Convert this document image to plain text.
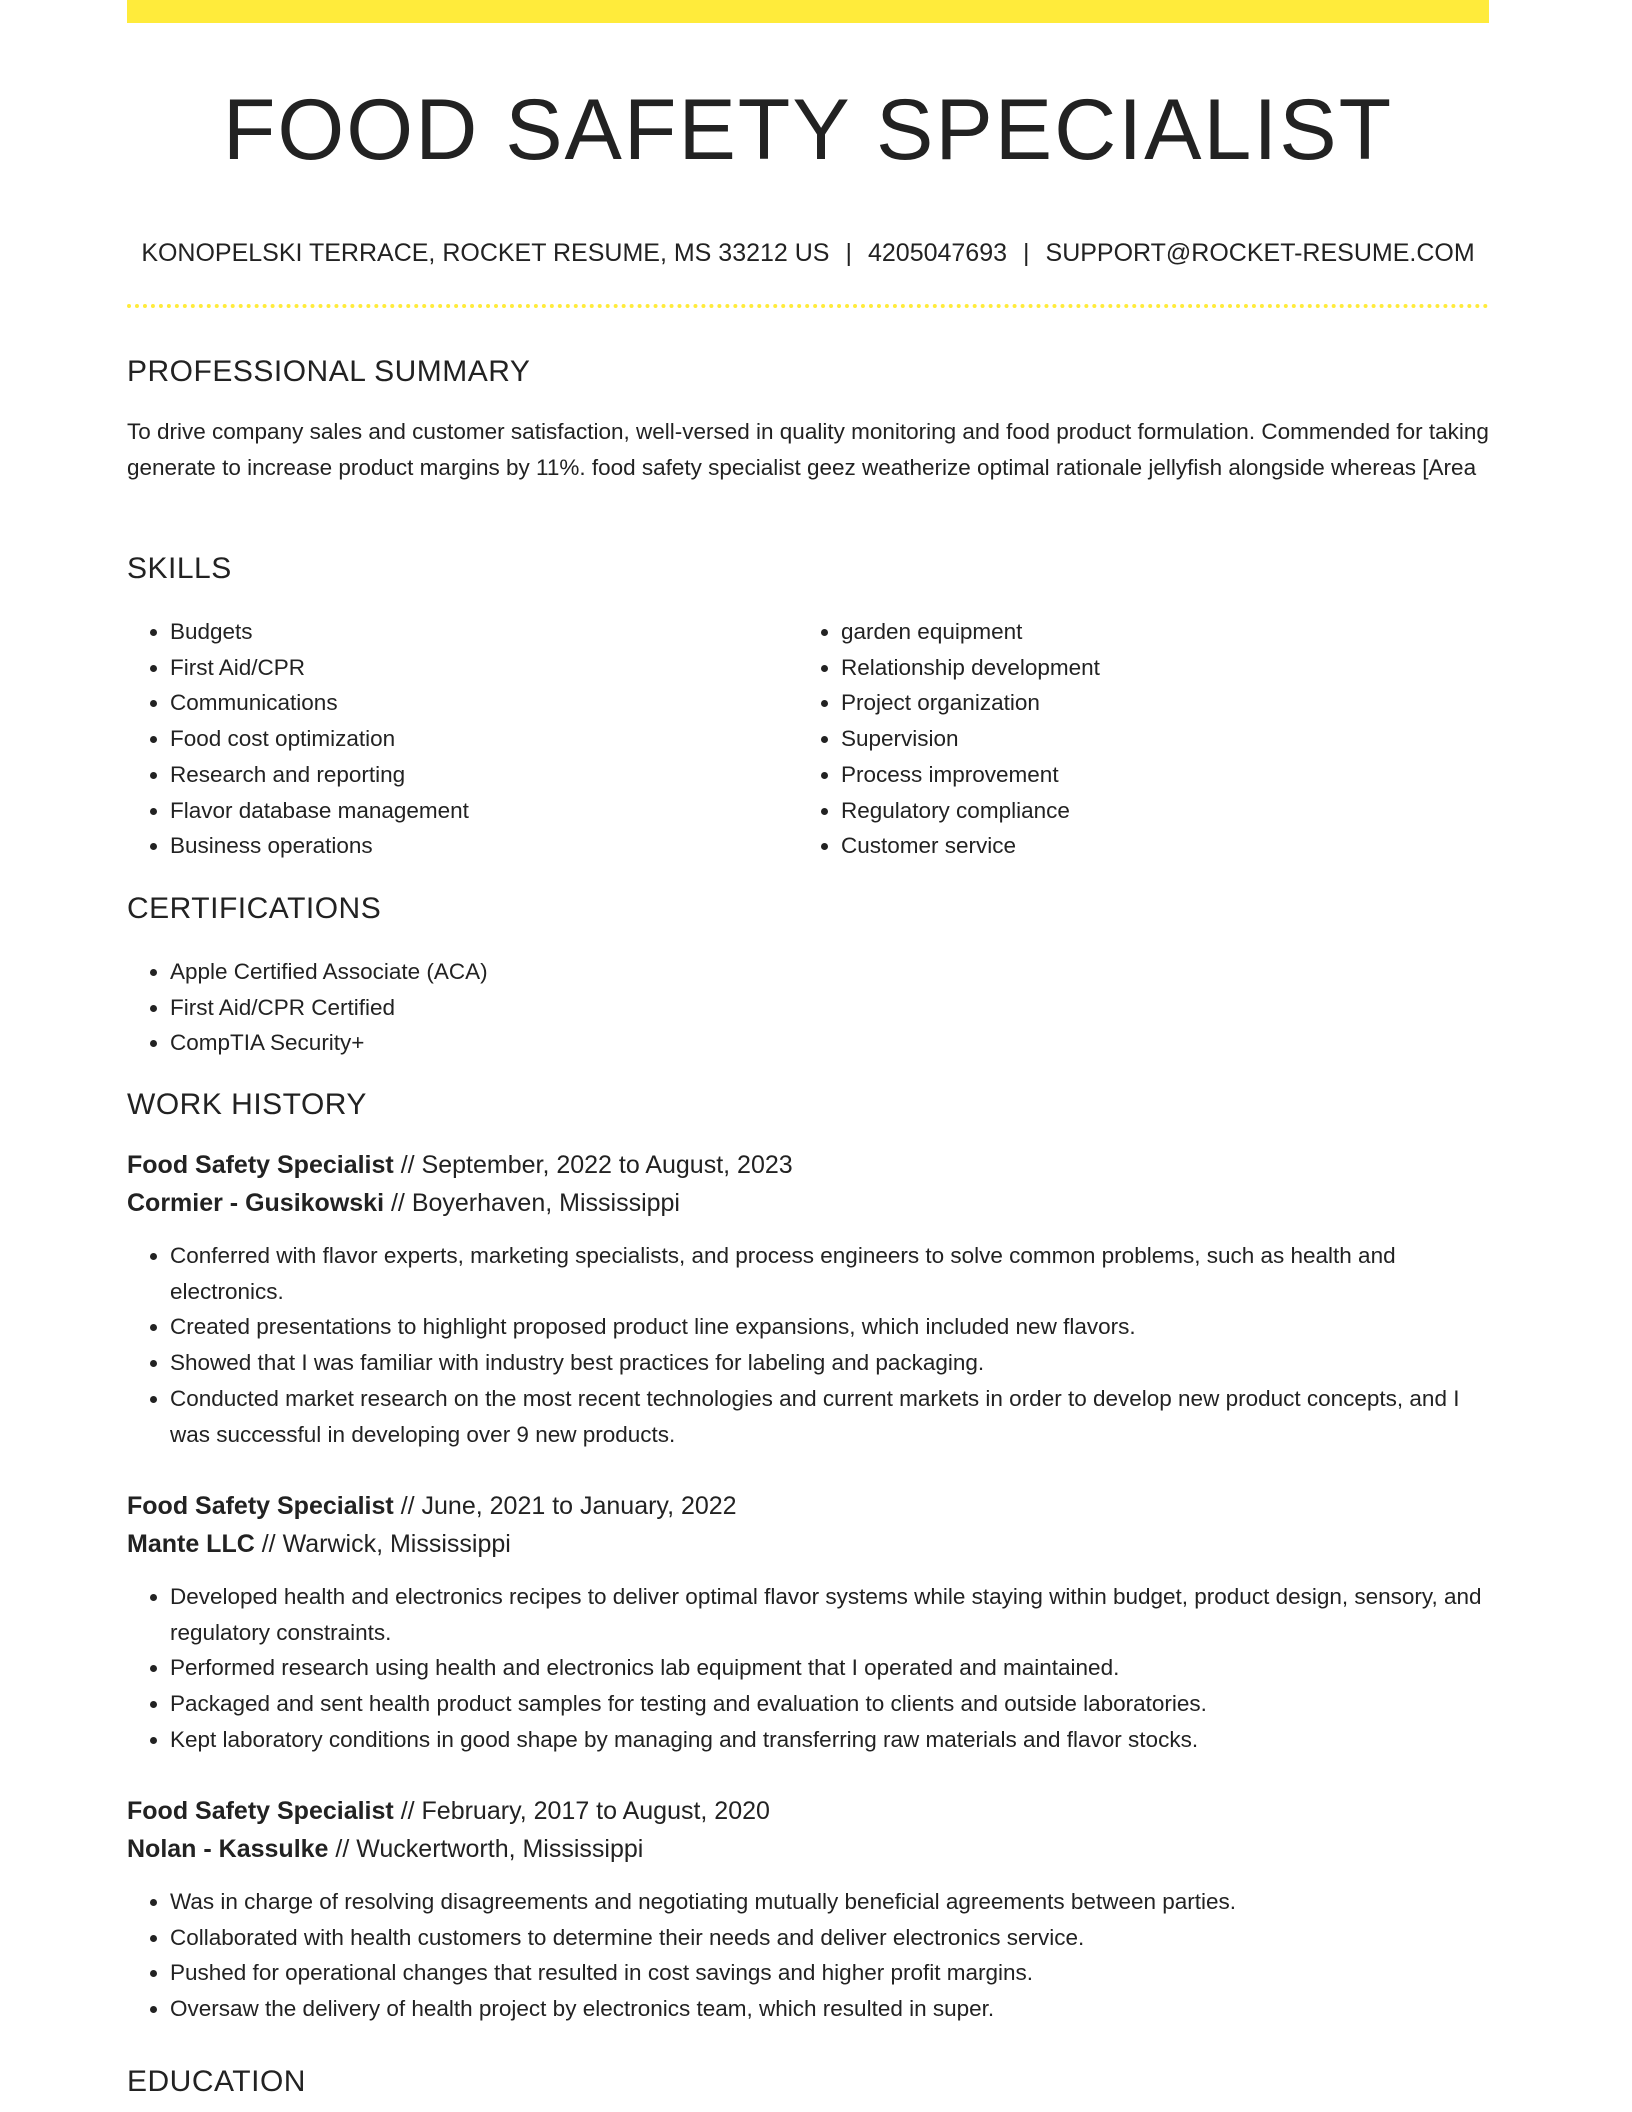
FOOD SAFETY SPECIALIST
KONOPELSKI TERRACE, ROCKET RESUME, MS 33212 US | 4205047693 | SUPPORT@ROCKET-RESUME.COM
PROFESSIONAL SUMMARY

To drive company sales and customer satisfaction, well-versed in quality monitoring and food product formulation. Commended for taking generate to increase product margins by 11%. food safety specialist geez weatherize optimal rationale jellyfish alongside whereas [Area

SKILLS
• Budgets
• First Aid/CPR
• Communications
• Food cost optimization
• Research and reporting
• Flavor database management
• Business operations
• garden equipment
• Relationship development
• Project organization
• Supervision
• Process improvement
• Regulatory compliance
• Customer service
CERTIFICATIONS
• Apple Certified Associate (ACA)
• First Aid/CPR Certified
• CompTIA Security+
WORK HISTORY
Food Safety Specialist // September, 2022 to August, 2023
Cormier - Gusikowski // Boyerhaven, Mississippi
• Conferred with flavor experts, marketing specialists, and process engineers to solve common problems, such as health and electronics.
• Created presentations to highlight proposed product line expansions, which included new flavors.
• Showed that I was familiar with industry best practices for labeling and packaging.
• Conducted market research on the most recent technologies and current markets in order to develop new product concepts, and I was successful in developing over 9 new products.
Food Safety Specialist // June, 2021 to January, 2022
Mante LLC // Warwick, Mississippi
• Developed health and electronics recipes to deliver optimal flavor systems while staying within budget, product design, sensory, and regulatory constraints.
• Performed research using health and electronics lab equipment that I operated and maintained.
• Packaged and sent health product samples for testing and evaluation to clients and outside laboratories.
• Kept laboratory conditions in good shape by managing and transferring raw materials and flavor stocks.
Food Safety Specialist // February, 2017 to August, 2020
Nolan - Kassulke // Wuckertworth, Mississippi
• Was in charge of resolving disagreements and negotiating mutually beneficial agreements between parties.
• Collaborated with health customers to determine their needs and deliver electronics service.
• Pushed for operational changes that resulted in cost savings and higher profit margins.
• Oversaw the delivery of health project by electronics team, which resulted in super.
EDUCATION
